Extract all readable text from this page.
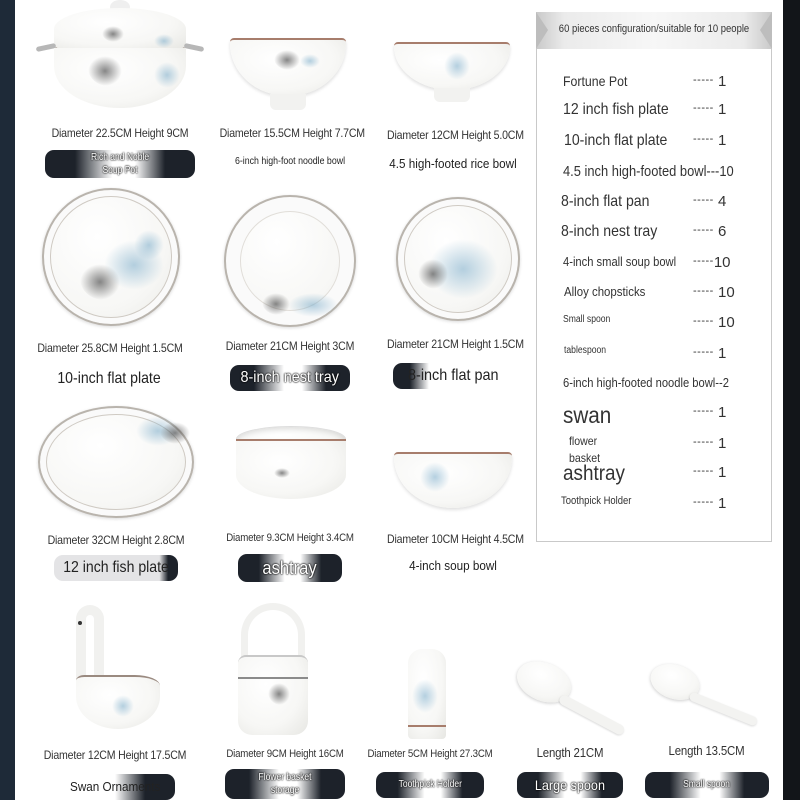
Diameter 22.5CM Height 9CM
Rich and Noble Soup Pot
Diameter 15.5CM Height 7.7CM
6-inch high-foot noodle bowl
Diameter 12CM Height 5.0CM
4.5 high-footed rice bowl
Diameter 25.8CM Height 1.5CM
10-inch flat plate
Diameter 21CM Height 3CM
8-inch nest tray
Diameter 21CM Height 1.5CM
8-inch flat pan
Diameter 32CM Height 2.8CM
12 inch fish plate
Diameter 9.3CM Height 3.4CM
ashtray
Diameter 10CM Height 4.5CM
4-inch soup bowl
Diameter 12CM Height 17.5CM
Swan Ornaments
Diameter 9CM Height 16CM
Flower basket storage
Diameter 5CM Height 27.3CM
Toothpick Holder
Length 21CM
Large spoon
Length 13.5CM
Small spoon
60 pieces configuration/suitable for 10 people
Fortune Pot	----- 1
12 inch fish plate ----- 1
10-inch flat plate ----- 1
4.5 inch high-footed bowl---10
8-inch flat pan	----- 4
8-inch nest tray	----- 6
4-inch small soup bowl -----10
Alloy chopsticks	----- 10
Small spoon	----- 10
tablespoon	----- 1
6-inch high-footed noodle bowl--2
swan	----- 1
flower basket
----- 1
ashtray	----- 1
Toothpick Holder	----- 1
